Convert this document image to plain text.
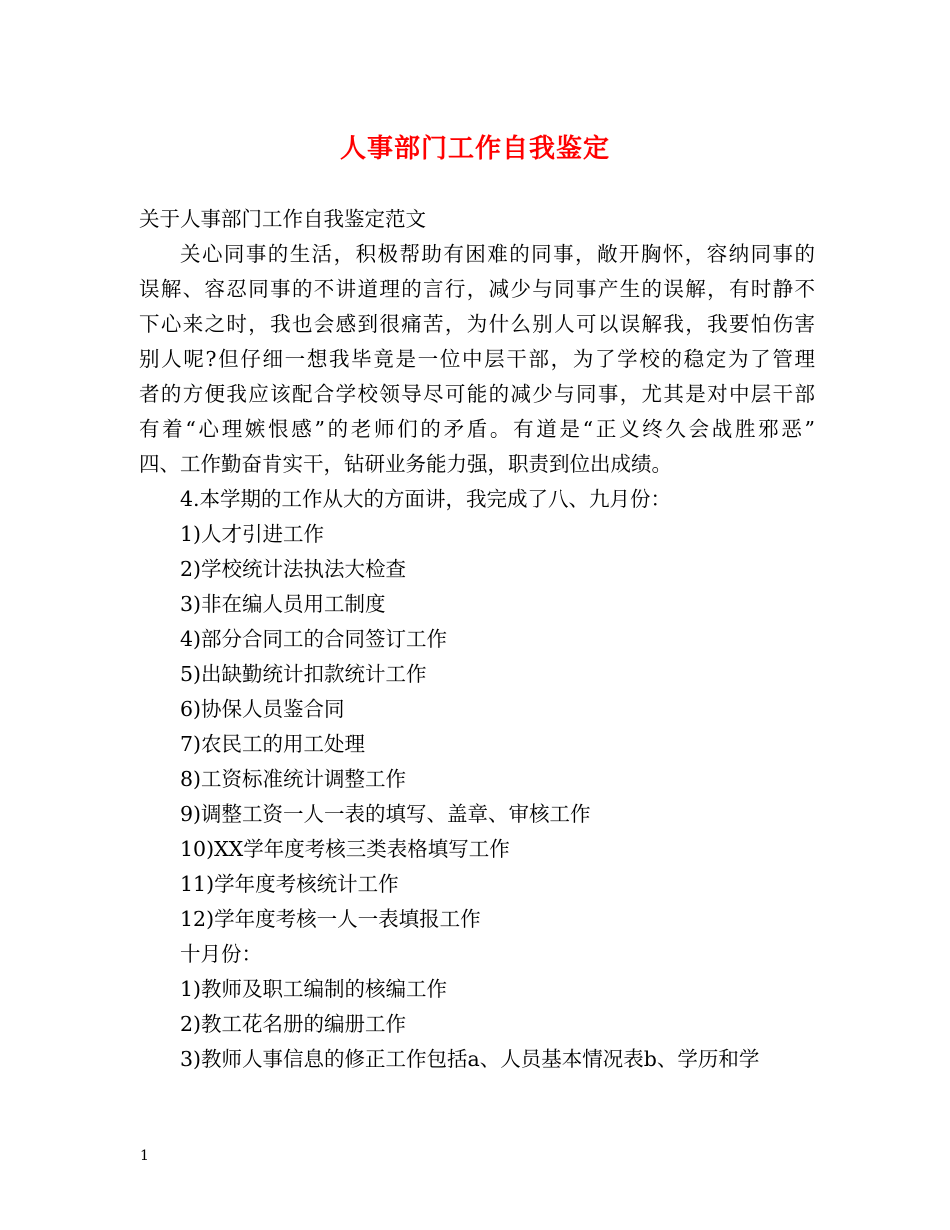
人事部门工作自我鉴定
关于人事部门工作自我鉴定范文
关心同事的生活，积极帮助有困难的同事，敞开胸怀，容纳同事的
误解、容忍同事的不讲道理的言行，减少与同事产生的误解，有时静不
下心来之时，我也会感到很痛苦，为什么别人可以误解我，我要怕伤害
别人呢?但仔细一想我毕竟是一位中层干部，为了学校的稳定为了管理
者的方便我应该配合学校领导尽可能的减少与同事，尤其是对中层干部
有着“心理嫉恨感”的老师们的矛盾。有道是“正义终久会战胜邪恶”
四、工作勤奋肯实干，钻研业务能力强，职责到位出成绩。
4.本学期的工作从大的方面讲，我完成了八、九月份：
1)人才引进工作
2)学校统计法执法大检查
3)非在编人员用工制度
4)部分合同工的合同签订工作
5)出缺勤统计扣款统计工作
6)协保人员鉴合同
7)农民工的用工处理
8)工资标准统计调整工作
9)调整工资一人一表的填写、盖章、审核工作
10)XX学年度考核三类表格填写工作
11)学年度考核统计工作
12)学年度考核一人一表填报工作
十月份：
1)教师及职工编制的核编工作
2)教工花名册的编册工作
3)教师人事信息的修正工作包括a、人员基本情况表b、学历和学
1
